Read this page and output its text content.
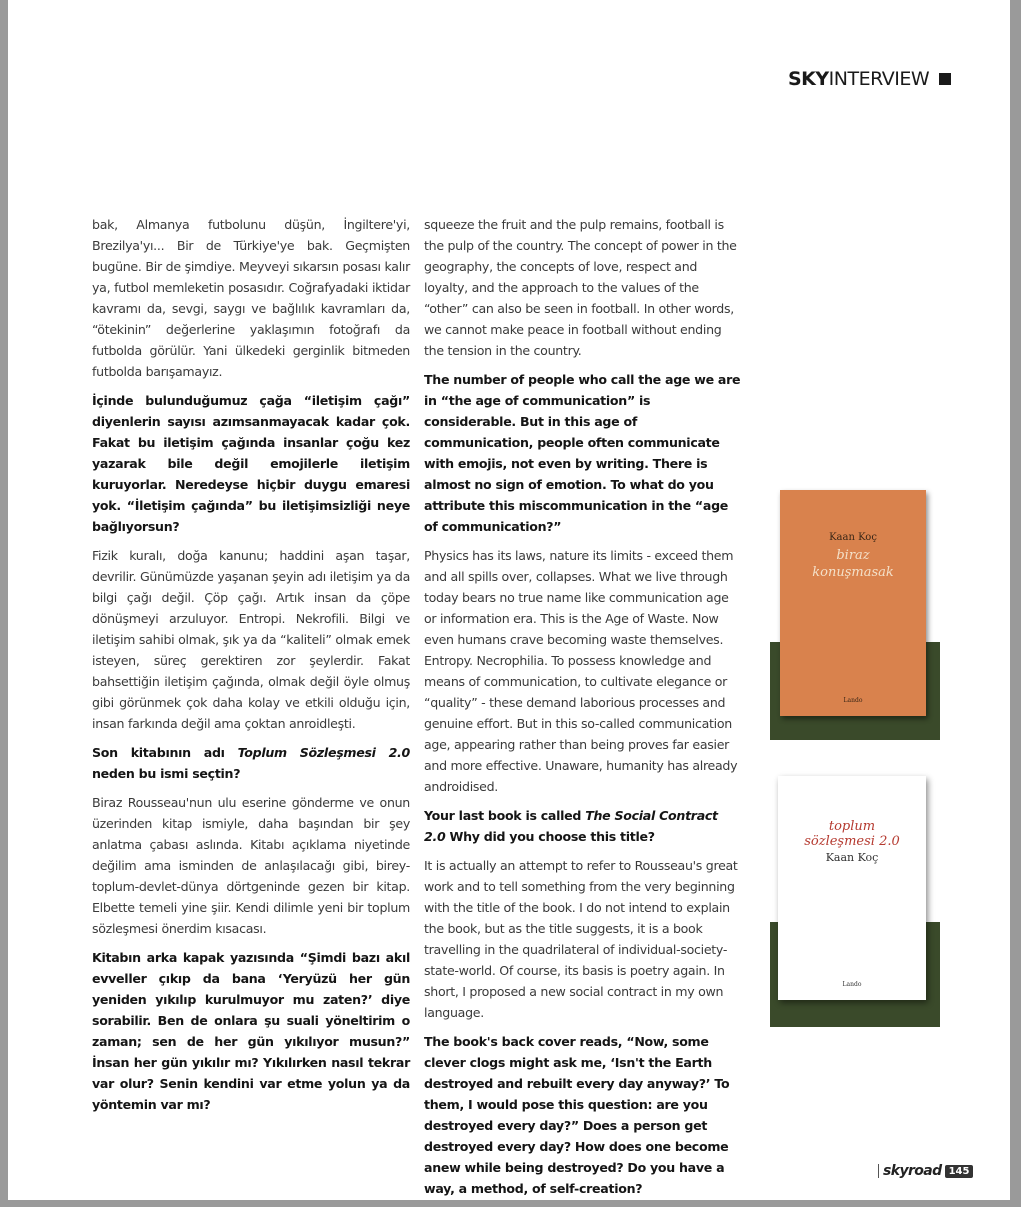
SKY INTERVIEW

bak, Almanya futbolunu düşün, İngiltere'yi, Brezilya'yı... Bir de Türkiye'ye bak. Geçmişten bugüne. Bir de şimdiye. Meyveyi sıkarsın posası kalır ya, futbol memleketin posasıdır. Coğrafyadaki iktidar kavramı da, sevgi, saygı ve bağlılık kavramları da, “ötekinin” değerlerine yaklaşımın fotoğrafı da futbolda görülür. Yani ülkedeki gerginlik bitmeden futbolda barışamayız.

İçinde bulunduğumuz çağa “iletişim çağı” diyenlerin sayısı azımsanmayacak kadar çok. Fakat bu iletişim çağında insanlar çoğu kez yazarak bile değil emojilerle iletişim kuruyorlar. Neredeyse hiçbir duygu emaresi yok. “İletişim çağında” bu iletişimsizliği neye bağlıyorsun?

Fizik kuralı, doğa kanunu; haddini aşan taşar, devrilir. Günümüzde yaşanan şeyin adı iletişim ya da bilgi çağı değil. Çöp çağı. Artık insan da çöpe dönüşmeyi arzuluyor. Entropi. Nekrofili. Bilgi ve iletişim sahibi olmak, şık ya da “kaliteli” olmak emek isteyen, süreç gerektiren zor şeylerdir. Fakat bahsettiğin iletişim çağında, olmak değil öyle olmuş gibi görünmek çok daha kolay ve etkili olduğu için, insan farkında değil ama çoktan anroidleşti.

Son kitabının adı Toplum Sözleşmesi 2.0 neden bu ismi seçtin?

Biraz Rousseau'nun ulu eserine gönderme ve onun üzerinden kitap ismiyle, daha başından bir şey anlatma çabası aslında. Kitabı açıklama niyetinde değilim ama isminden de anlaşılacağı gibi, birey-toplum-devlet-dünya dörtgeninde gezen bir kitap. Elbette temeli yine şiir. Kendi dilimle yeni bir toplum sözleşmesi önerdim kısacası.

Kitabın arka kapak yazısında “Şimdi bazı akıl evveller çıkıp da bana ‘Yeryüzü her gün yeniden yıkılıp kurulmuyor mu zaten?’ diye sorabilir. Ben de onlara şu suali yöneltirim o zaman; sen de her gün yıkılıyor musun?” İnsan her gün yıkılır mı? Yıkılırken nasıl tekrar var olur? Senin kendini var etme yolun ya da yöntemin var mı?

squeeze the fruit and the pulp remains, football is the pulp of the country. The concept of power in the geography, the concepts of love, respect and loyalty, and the approach to the values of the “other” can also be seen in football. In other words, we cannot make peace in football without ending the tension in the country.

The number of people who call the age we are in “the age of communication” is considerable. But in this age of communication, people often communicate with emojis, not even by writing. There is almost no sign of emotion. To what do you attribute this miscommunication in the “age of communication?”

Physics has its laws, nature its limits - exceed them and all spills over, collapses. What we live through today bears no true name like communication age or information era. This is the Age of Waste. Now even humans crave becoming waste themselves. Entropy. Necrophilia. To possess knowledge and means of communication, to cultivate elegance or “quality” - these demand laborious processes and genuine effort. But in this so-called communication age, appearing rather than being proves far easier and more effective. Unaware, humanity has already androidised.

Your last book is called The Social Contract 2.0 Why did you choose this title?

It is actually an attempt to refer to Rousseau's great work and to tell something from the very beginning with the title of the book. I do not intend to explain the book, but as the title suggests, it is a book travelling in the quadrilateral of individual-society-state-world. Of course, its basis is poetry again. In short, I proposed a new social contract in my own language.

The book's back cover reads, “Now, some clever clogs might ask me, ‘Isn't the Earth destroyed and rebuilt every day anyway?’ To them, I would pose this question: are you destroyed every day?” Does a person get destroyed every day? How does one become anew while being destroyed? Do you have a way, a method, of self-creation?

Kaan Koç
biraz
konuşmasak
Lando
toplum
sözleşmesi 2.0
Kaan Koç
Lando
skyroad 145
